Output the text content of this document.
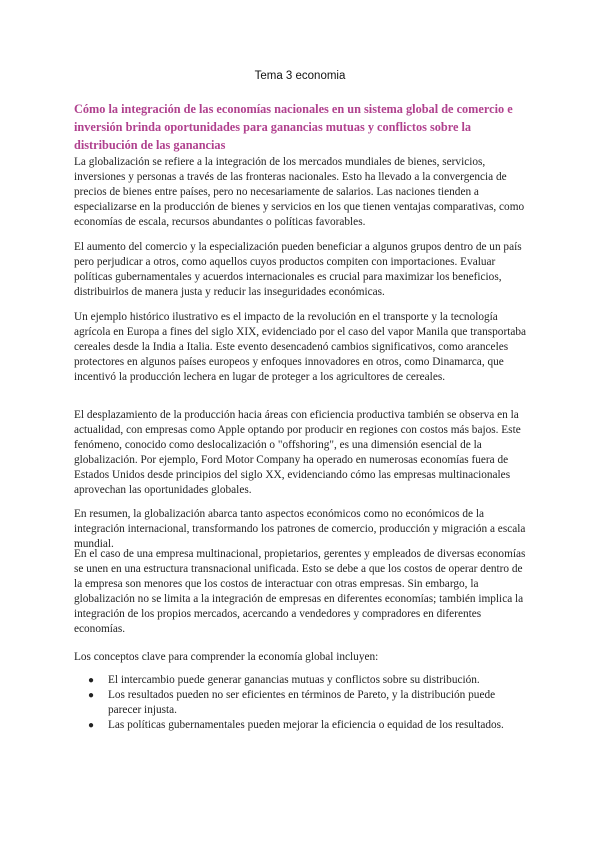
Tema 3 economia
Cómo la integración de las economías nacionales en un sistema global de comercio e inversión brinda oportunidades para ganancias mutuas y conflictos sobre la distribución de las ganancias

La globalización se refiere a la integración de los mercados mundiales de bienes, servicios, inversiones y personas a través de las fronteras nacionales. Esto ha llevado a la convergencia de precios de bienes entre países, pero no necesariamente de salarios. Las naciones tienden a especializarse en la producción de bienes y servicios en los que tienen ventajas comparativas, como economías de escala, recursos abundantes o políticas favorables.

El aumento del comercio y la especialización pueden beneficiar a algunos grupos dentro de un país pero perjudicar a otros, como aquellos cuyos productos compiten con importaciones. Evaluar políticas gubernamentales y acuerdos internacionales es crucial para maximizar los beneficios, distribuirlos de manera justa y reducir las inseguridades económicas.

Un ejemplo histórico ilustrativo es el impacto de la revolución en el transporte y la tecnología agrícola en Europa a fines del siglo XIX, evidenciado por el caso del vapor Manila que transportaba cereales desde la India a Italia. Este evento desencadenó cambios significativos, como aranceles protectores en algunos países europeos y enfoques innovadores en otros, como Dinamarca, que incentivó la producción lechera en lugar de proteger a los agricultores de cereales.

El desplazamiento de la producción hacia áreas con eficiencia productiva también se observa en la actualidad, con empresas como Apple optando por producir en regiones con costos más bajos. Este fenómeno, conocido como deslocalización o "offshoring", es una dimensión esencial de la globalización. Por ejemplo, Ford Motor Company ha operado en numerosas economías fuera de Estados Unidos desde principios del siglo XX, evidenciando cómo las empresas multinacionales aprovechan las oportunidades globales.

En resumen, la globalización abarca tanto aspectos económicos como no económicos de la integración internacional, transformando los patrones de comercio, producción y migración a escala mundial.

En el caso de una empresa multinacional, propietarios, gerentes y empleados de diversas economías se unen en una estructura transnacional unificada. Esto se debe a que los costos de operar dentro de la empresa son menores que los costos de interactuar con otras empresas. Sin embargo, la globalización no se limita a la integración de empresas en diferentes economías; también implica la integración de los propios mercados, acercando a vendedores y compradores en diferentes economías.

Los conceptos clave para comprender la economía global incluyen:

● El intercambio puede generar ganancias mutuas y conflictos sobre su distribución.
● Los resultados pueden no ser eficientes en términos de Pareto, y la distribución puede parecer injusta.
● Las políticas gubernamentales pueden mejorar la eficiencia o equidad de los resultados.
